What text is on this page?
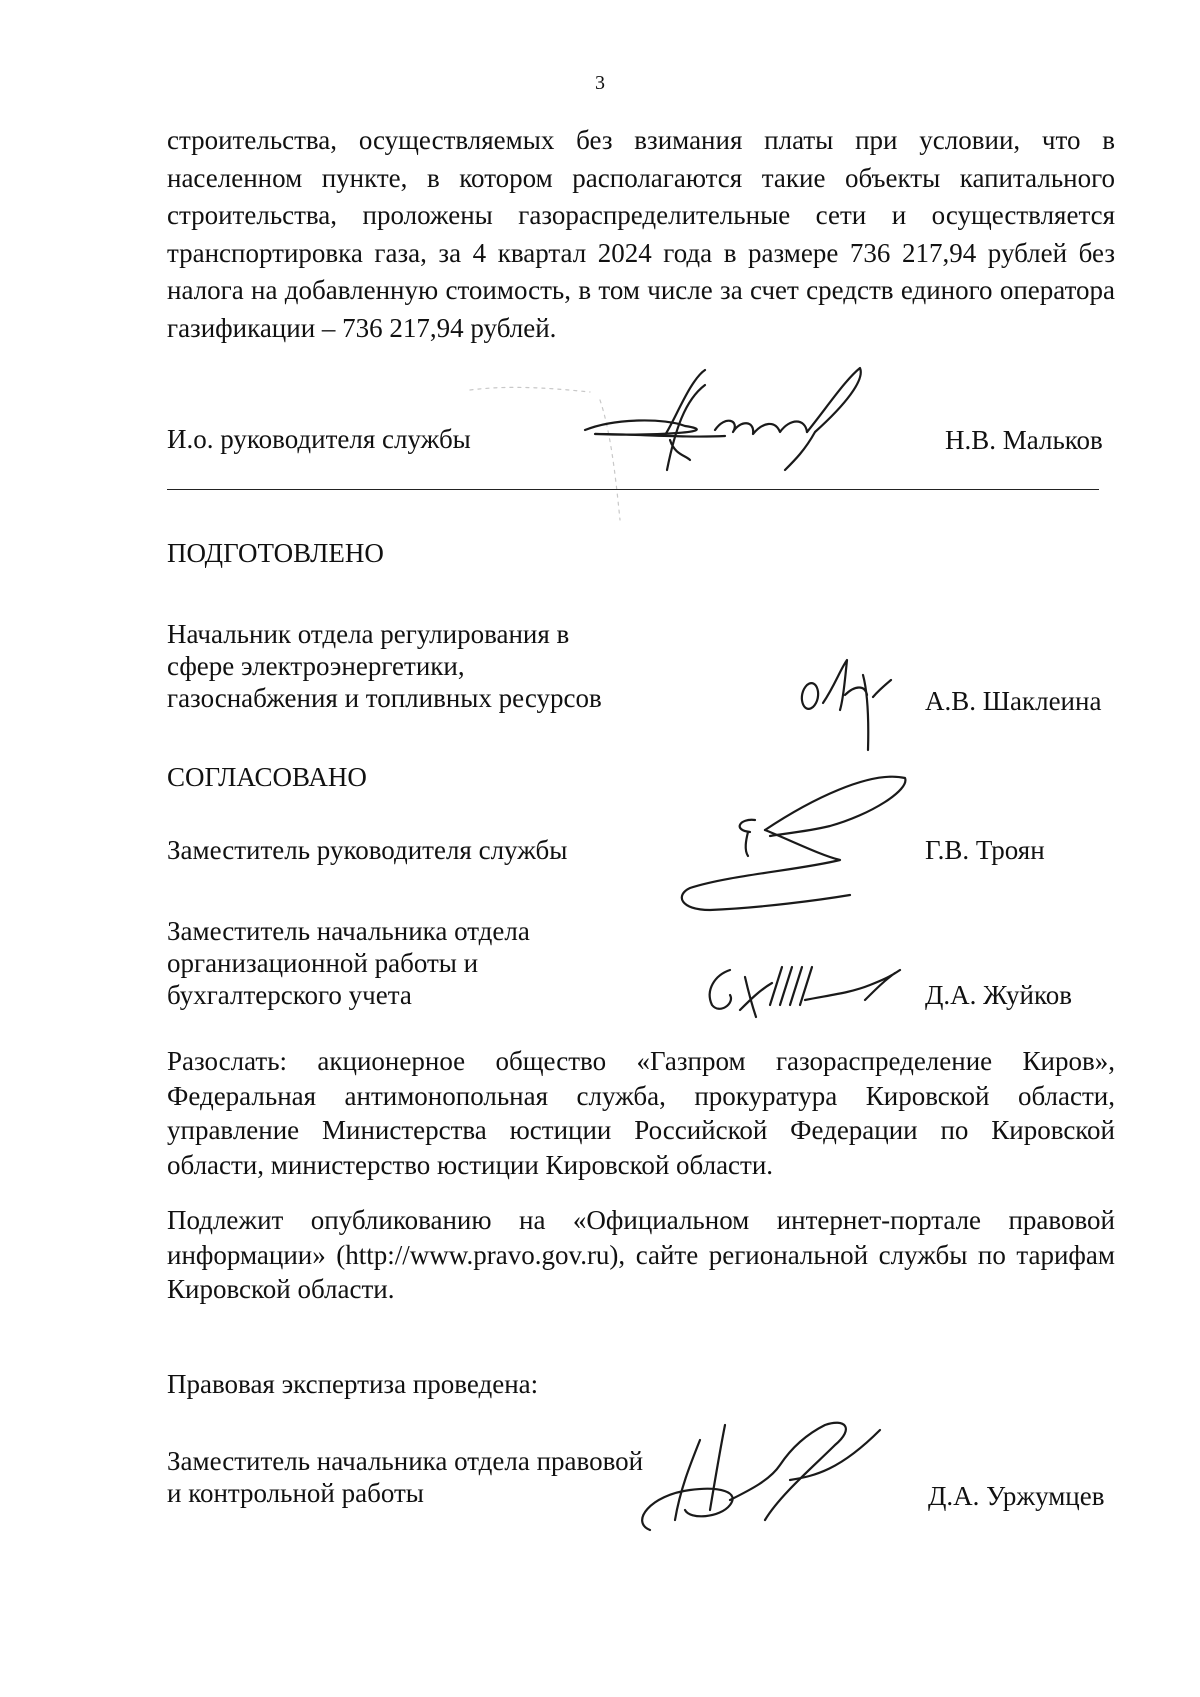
3
строительства, осуществляемых без взимания платы при условии, что в населенном пункте, в котором располагаются такие объекты капитального строительства, проложены газораспределительные сети и осуществляется транспортировка газа, за 4 квартал 2024 года в размере 736 217,94 рублей без налога на добавленную стоимость, в том числе за счет средств единого оператора газификации – 736 217,94 рублей.
И.о. руководителя службы	Н.В. Мальков
ПОДГОТОВЛЕНО
Начальник отдела регулирования в
сфере электроэнергетики,
газоснабжения и топливных ресурсов	А.В. Шаклеина
СОГЛАСОВАНО
Заместитель руководителя службы	Г.В. Троян
Заместитель начальника отдела
организационной работы и
бухгалтерского учета	Д.А. Жуйков
Разослать: акционерное общество «Газпром газораспределение Киров», Федеральная антимонопольная служба, прокуратура Кировской области, управление Министерства юстиции Российской Федерации по Кировской области, министерство юстиции Кировской области.
Подлежит опубликованию на «Официальном интернет-портале правовой информации» (http://www.pravo.gov.ru), сайте региональной службы по тарифам Кировской области.
Правовая экспертиза проведена:
Заместитель начальника отдела правовой
и контрольной работы	Д.А. Уржумцев
